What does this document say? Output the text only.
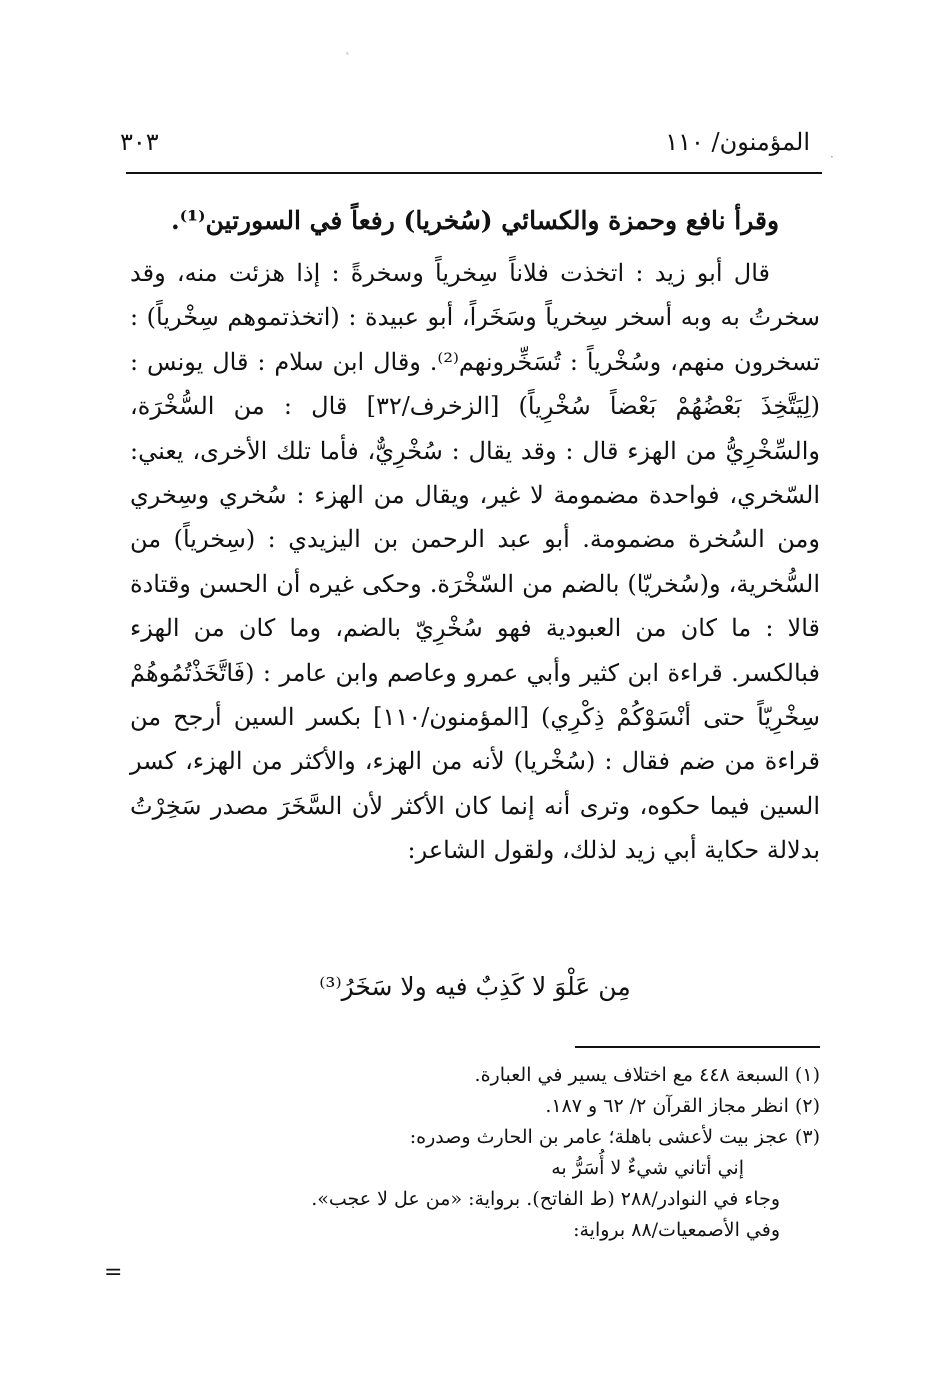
˛
·
المؤمنون/ ١١٠
٣٠٣

وقرأ نافع وحمزة والكسائي (سُخريا) رفعاً في السورتين⁽¹⁾.

قال أبو زيد : اتخذت فلاناً سِخرياً وسخرةً : إذا هزئت منه، وقد سخرتُ به وبه أسخر سِخرياً وسَخَراً، أبو عبيدة : (اتخذتموهم سِخْرياً) : تسخرون منهم، وسُخْرياً : تُسَخِّرونهم⁽²⁾. وقال ابن سلام : قال يونس : (لِيَتَّخِذَ بَعْضُهُمْ بَعْضاً سُخْرِياً) [الزخرف/٣٢] قال : من السُّخْرَة، والسِّخْرِيُّ من الهزء قال : وقد يقال : سُخْرِيٌّ، فأما تلك الأخرى، يعني: السّخري، فواحدة مضمومة لا غير، ويقال من الهزء : سُخري وسِخري ومن السُخرة مضمومة. أبو عبد الرحمن بن اليزيدي : (سِخرياً) من السُّخرية، و(سُخريّا) بالضم من السّخْرَة. وحكى غيره أن الحسن وقتادة قالا : ما كان من العبودية فهو سُخْرِيّ بالضم، وما كان من الهزء فبالكسر. قراءة ابن كثير وأبي عمرو وعاصم وابن عامر : (فَاتَّخَذْتُمُوهُمْ سِخْرِيّاً حتى أنْسَوْكُمْ ذِكْرِي) [المؤمنون/١١٠] بكسر السين أرجح من قراءة من ضم فقال : (سُخْريا) لأنه من الهزء، والأكثر من الهزء، كسر السين فيما حكوه، وترى أنه إنما كان الأكثر لأن السَّخَرَ مصدر سَخِرْتُ بدلالة حكاية أبي زيد لذلك، ولقول الشاعر:

مِن عَلْوَ لا كَذِبٌ فيه ولا سَخَرُ⁽³⁾

(١) السبعة ٤٤٨ مع اختلاف يسير في العبارة.

(٢) انظر مجاز القرآن ٢/ ٦٢ و ١٨٧.

(٣) عجز بيت لأعشى باهلة؛ عامر بن الحارث وصدره:

إني أتاني شيءٌ لا أُسَرُّ به

وجاء في النوادر/٢٨٨ (ط الفاتح). برواية: «من عل لا عجب».

وفي الأصمعيات/٨٨ برواية:

=
